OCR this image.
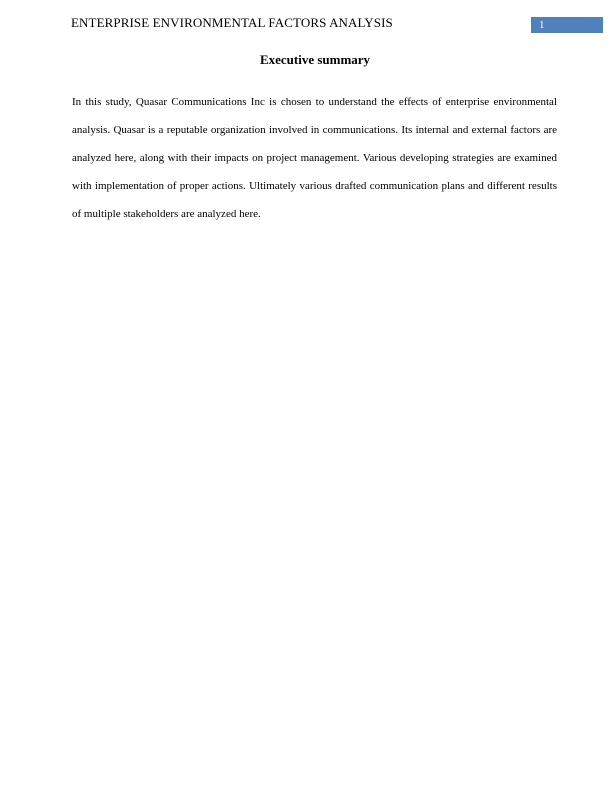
ENTERPRISE ENVIRONMENTAL FACTORS ANALYSIS	1
Executive summary

In this study, Quasar Communications Inc is chosen to understand the effects of enterprise environmental analysis. Quasar is a reputable organization involved in communications. Its internal and external factors are analyzed here, along with their impacts on project management. Various developing strategies are examined with implementation of proper actions. Ultimately various drafted communication plans and different results of multiple stakeholders are analyzed here.
